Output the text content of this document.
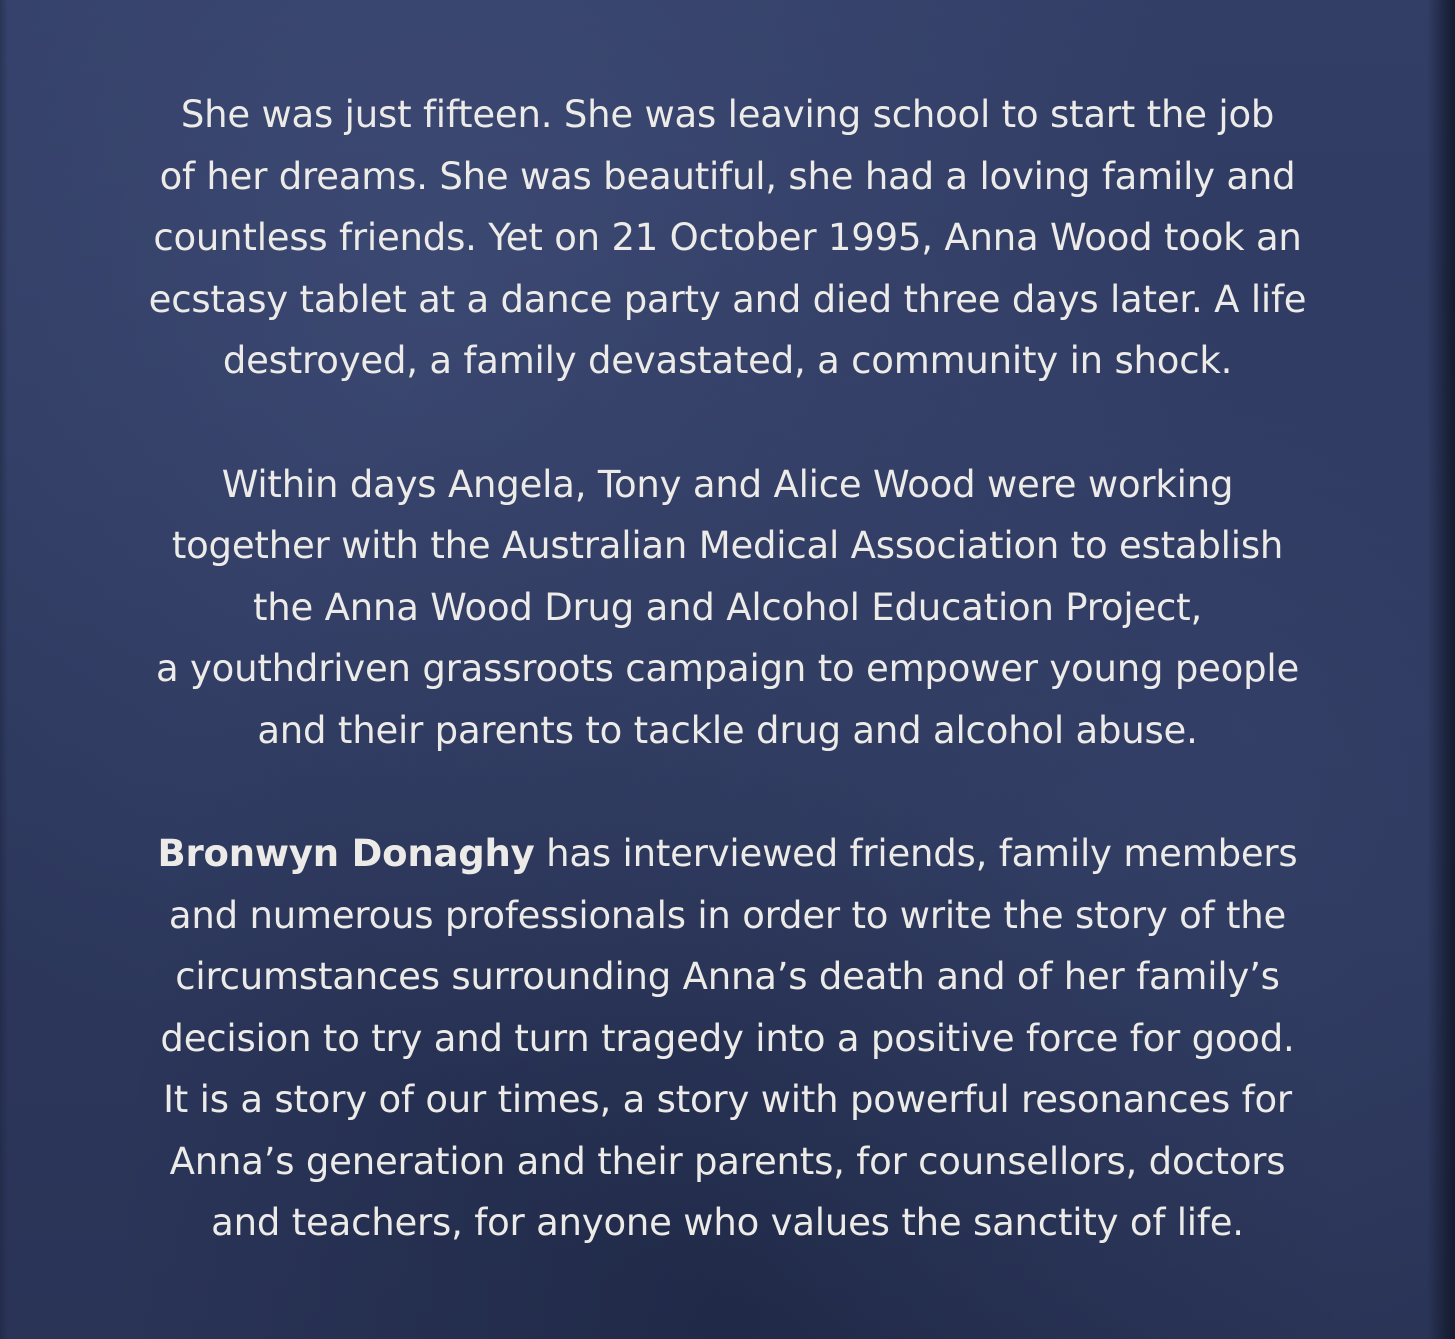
She was just fifteen. She was leaving school to start the job
of her dreams. She was beautiful, she had a loving family and
countless friends. Yet on 21 October 1995, Anna Wood took an
ecstasy tablet at a dance party and died three days later. A life
destroyed, a family devastated, a community in shock.

Within days Angela, Tony and Alice Wood were working
together with the Australian Medical Association to establish
the Anna Wood Drug and Alcohol Education Project,
a youthdriven grassroots campaign to empower young people
and their parents to tackle drug and alcohol abuse.

Bronwyn Donaghy has interviewed friends, family members
and numerous professionals in order to write the story of the
circumstances surrounding Anna’s death and of her family’s
decision to try and turn tragedy into a positive force for good.
It is a story of our times, a story with powerful resonances for
Anna’s generation and their parents, for counsellors, doctors
and teachers, for anyone who values the sanctity of life.
